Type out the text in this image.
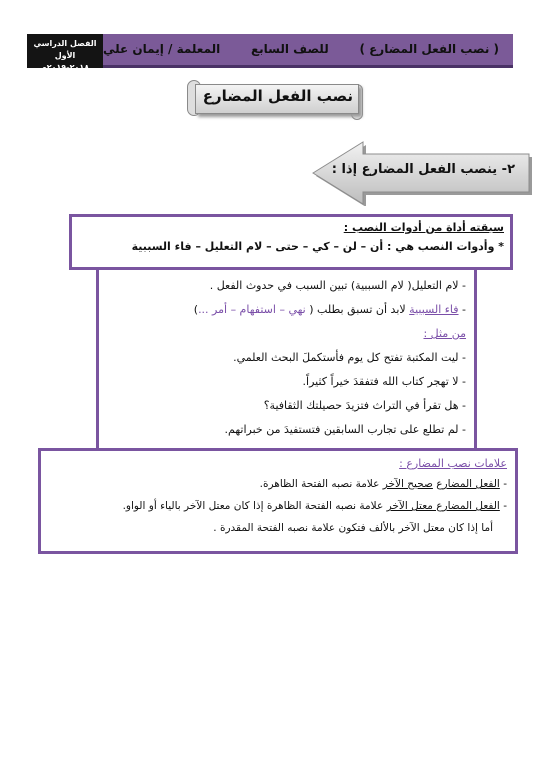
( نصب الفعل المضارع )
للصف السابع
المعلمة / إيمان علي
الفصل الدراسي الأول
٢٠١٨-٢٠١٩م
نصب الفعل المضارع
٢- ينصب الفعل المضارع إذا :
سبقته أداة من أدوات النصب :
* وأدوات النصب هي : أن – لن – كي – حتى – لام التعليل – فاء السببية
- لام التعليل( لام السببية) تبين السبب في حدوث الفعل .
- فاء السببية لابد أن تسبق بطلب ( نهي – استفهام – أمر ...)
من مثل :
- ليت المكتبة تفتح كل يوم فأستكملَ البحث العلمي.
- لا تهجر كتاب الله فتفقدَ خيراً كثيراً.
- هل تقرأ في التراث فتزيدَ حصيلتك الثقافية؟
- لم تطلع على تجارب السابقين فتستفيدَ من خبراتهم.
علامات نصب المضارع :
- الفعل المضارع صحيح الآخر علامة نصبه الفتحة الظاهرة.
- الفعل المضارع معتل الآخر علامة نصبه الفتحة الظاهرة إذا كان معتل الآخر بالياء أو الواو.
أما إذا كان معتل الآخر بالألف فتكون علامة نصبه الفتحة المقدرة .
